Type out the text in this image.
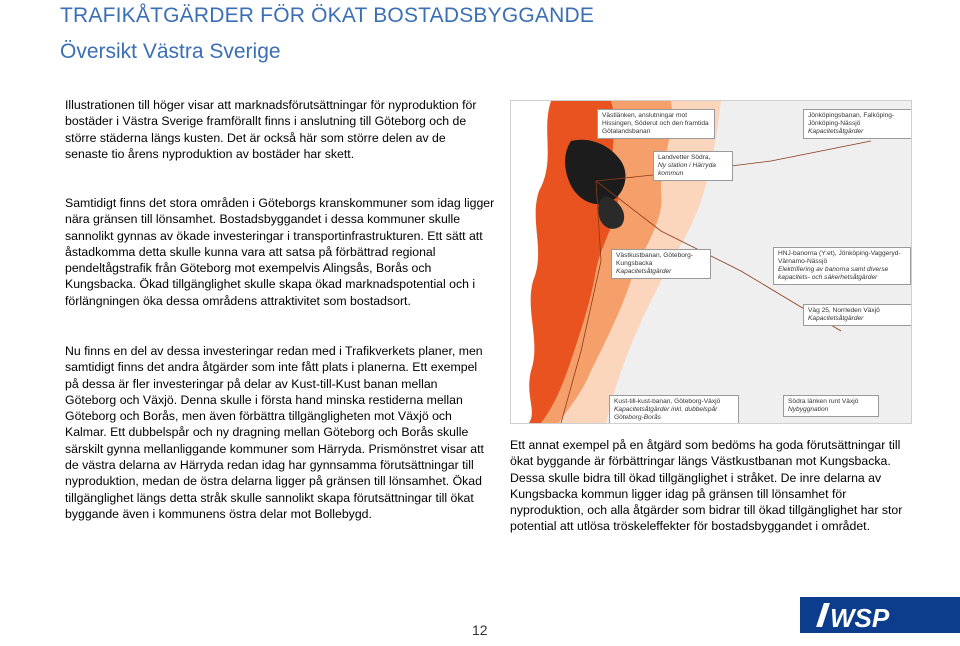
TRAFIKÅTGÄRDER FÖR ÖKAT BOSTADSBYGGANDE
Översikt Västra Sverige
Illustrationen till höger visar att marknadsförutsättningar för nyproduktion för bostäder i Västra Sverige framförallt finns i anslutning till Göteborg och de större städerna längs kusten. Det är också här som större delen av de senaste tio årens nyproduktion av bostäder har skett.
Samtidigt finns det stora områden i Göteborgs kranskommuner som idag ligger nära gränsen till lönsamhet. Bostadsbyggandet i dessa kommuner skulle sannolikt gynnas av ökade investeringar i transportinfrastrukturen. Ett sätt att åstadkomma detta skulle kunna vara att satsa på förbättrad regional pendeltågstrafik från Göteborg mot exempelvis Alingsås, Borås och Kungsbacka. Ökad tillgänglighet skulle skapa ökad marknadspotential och i förlängningen öka dessa områdens attraktivitet som bostadsort.
Nu finns en del av dessa investeringar redan med i Trafikverkets planer, men samtidigt finns det andra åtgärder som inte fått plats i planerna. Ett exempel på dessa är fler investeringar på delar av Kust-till-Kust banan mellan Göteborg och Växjö. Denna skulle i första hand minska restiderna mellan Göteborg och Borås, men även förbättra tillgängligheten mot Växjö och Kalmar. Ett dubbelspår och ny dragning mellan Göteborg och Borås skulle särskilt gynna mellanliggande kommuner som Härryda. Prismönstret visar att de västra delarna av Härryda redan idag har gynnsamma förutsättningar till nyproduktion, medan de östra delarna ligger på gränsen till lönsamhet. Ökad tillgänglighet längs detta stråk skulle sannolikt skapa förutsättningar till ökat byggande även i kommunens östra delar mot Bollebygd.
Ett annat exempel på en åtgärd som bedöms ha goda förutsättningar till ökat byggande är förbättringar längs Västkustbanan mot Kungsbacka. Dessa skulle bidra till ökad tillgänglighet i stråket. De inre delarna av Kungsbacka kommun ligger idag på gränsen till lönsamhet för nyproduktion, och alla åtgärder som bidrar till ökad tillgänglighet har stor potential att utlösa tröskeleffekter för bostadsbyggandet i området.
Västlänken, anslutningar mot Hissingen, Söderut och den framtida Götalandsbanan
Landvetter Södra,
Ny station i Härryda kommun
Jönköpingsbanan, Falköping-Jönköping-Nässjö
Kapacitetsåtgärder
Västkustbanan, Göteborg-Kungsbacka
Kapacitetsåtgärder
HNJ-banorna (Y:et), Jönköping-Vaggeryd-Värnamo-Nässjö
Elektrifiering av banorna samt diverse kapacitets- och säkerhetsåtgärder
Väg 25, Norrleden Växjö
Kapacitetsåtgärder
Kust-till-kust-banan, Göteborg-Växjö
Kapacitetsåtgärder inkl. dubbelspår Göteborg-Borås
Södra länken runt Växjö
Nybyggnation
12	WSP
